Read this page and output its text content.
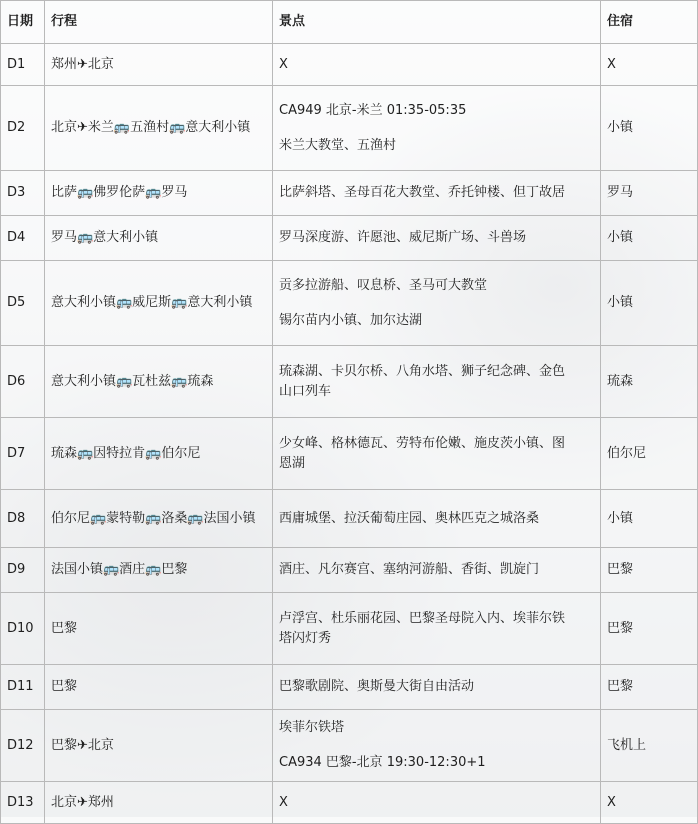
日期	行程	景点	住宿
D1	郑州✈北京	X	X
D2	北京✈米兰🚌五渔村🚌意大利小镇	CA949 北京-米兰 01:35-05:35
米兰大教堂、五渔村	小镇
D3	比萨🚌佛罗伦萨🚌罗马	比萨斜塔、圣母百花大教堂、乔托钟楼、但丁故居	罗马
D4	罗马🚌意大利小镇	罗马深度游、许愿池、威尼斯广场、斗兽场	小镇
D5	意大利小镇🚌威尼斯🚌意大利小镇	贡多拉游船、叹息桥、圣马可大教堂
锡尔苗内小镇、加尔达湖	小镇
D6	意大利小镇🚌瓦杜兹🚌琉森	琉森湖、卡贝尔桥、八角水塔、狮子纪念碑、金色
山口列车	琉森
D7	琉森🚌因特拉肯🚌伯尔尼	少女峰、格林德瓦、劳特布伦嫩、施皮茨小镇、图
恩湖	伯尔尼
D8	伯尔尼🚌蒙特勒🚌洛桑🚌法国小镇	西庸城堡、拉沃葡萄庄园、奥林匹克之城洛桑	小镇
D9	法国小镇🚌酒庄🚌巴黎	酒庄、凡尔赛宫、塞纳河游船、香街、凯旋门	巴黎
D10	巴黎	卢浮宫、杜乐丽花园、巴黎圣母院入内、埃菲尔铁
塔闪灯秀	巴黎
D11	巴黎	巴黎歌剧院、奥斯曼大街自由活动	巴黎
D12	巴黎✈北京	埃菲尔铁塔
CA934 巴黎-北京 19:30-12:30+1	飞机上
D13	北京✈郑州	X	X
